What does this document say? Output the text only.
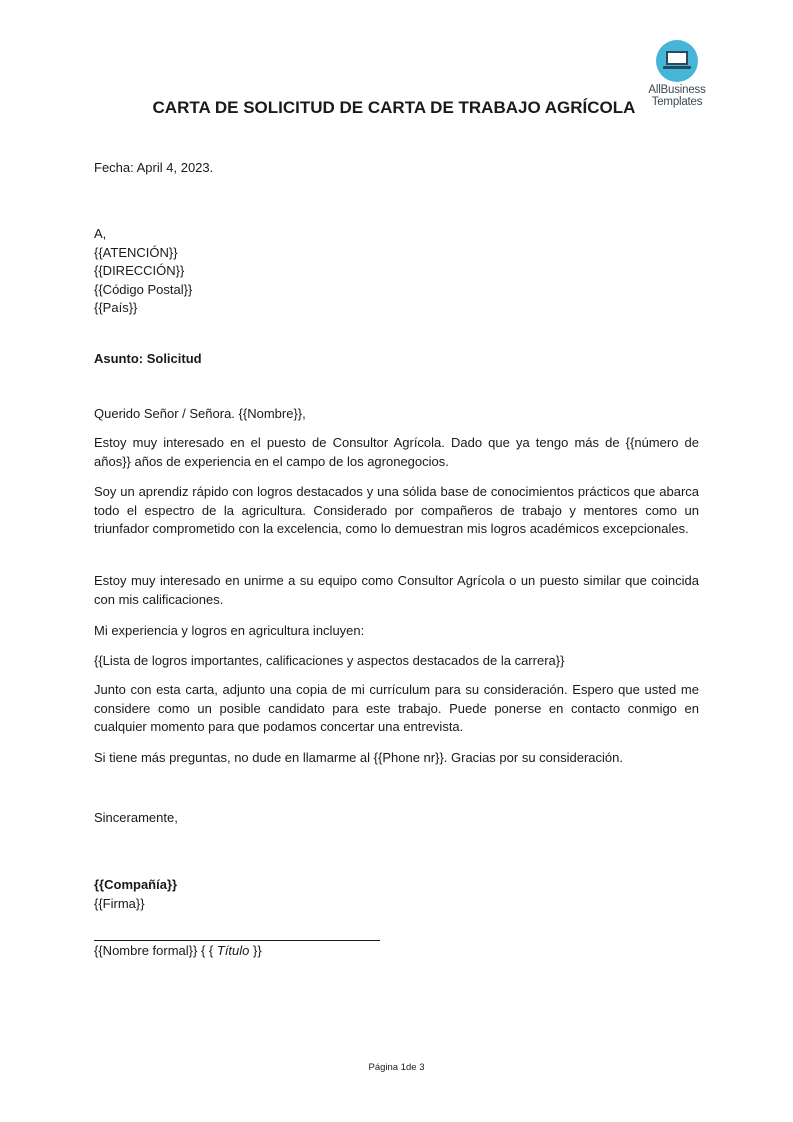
AllBusiness
Templates
CARTA DE SOLICITUD DE CARTA DE TRABAJO AGRÍCOLA

Fecha: April 4, 2023.

A,
{{ATENCIÓN}}
{{DIRECCIÓN}}
{{Código Postal}}
{{País}}

Asunto: Solicitud

Querido Señor / Señora. {{Nombre}},

Estoy muy interesado en el puesto de Consultor Agrícola. Dado que ya tengo más de {{número de años}} años de experiencia en el campo de los agronegocios.

Soy un aprendiz rápido con logros destacados y una sólida base de conocimientos prácticos que abarca todo el espectro de la agricultura. Considerado por compañeros de trabajo y mentores como un triunfador comprometido con la excelencia, como lo demuestran mis logros académicos excepcionales.

Estoy muy interesado en unirme a su equipo como Consultor Agrícola o un puesto similar que coincida con mis calificaciones.

Mi experiencia y logros en agricultura incluyen:

{{Lista de logros importantes, calificaciones y aspectos destacados de la carrera}}

Junto con esta carta, adjunto una copia de mi currículum para su consideración. Espero que usted me considere como un posible candidato para este trabajo. Puede ponerse en contacto conmigo en cualquier momento para que podamos concertar una entrevista.

Si tiene más preguntas, no dude en llamarme al {{Phone nr}}. Gracias por su consideración.

Sinceramente,

{{Compañía}}

{{Firma}}

{{Nombre formal}} { { Título }}

Página 1de 3
